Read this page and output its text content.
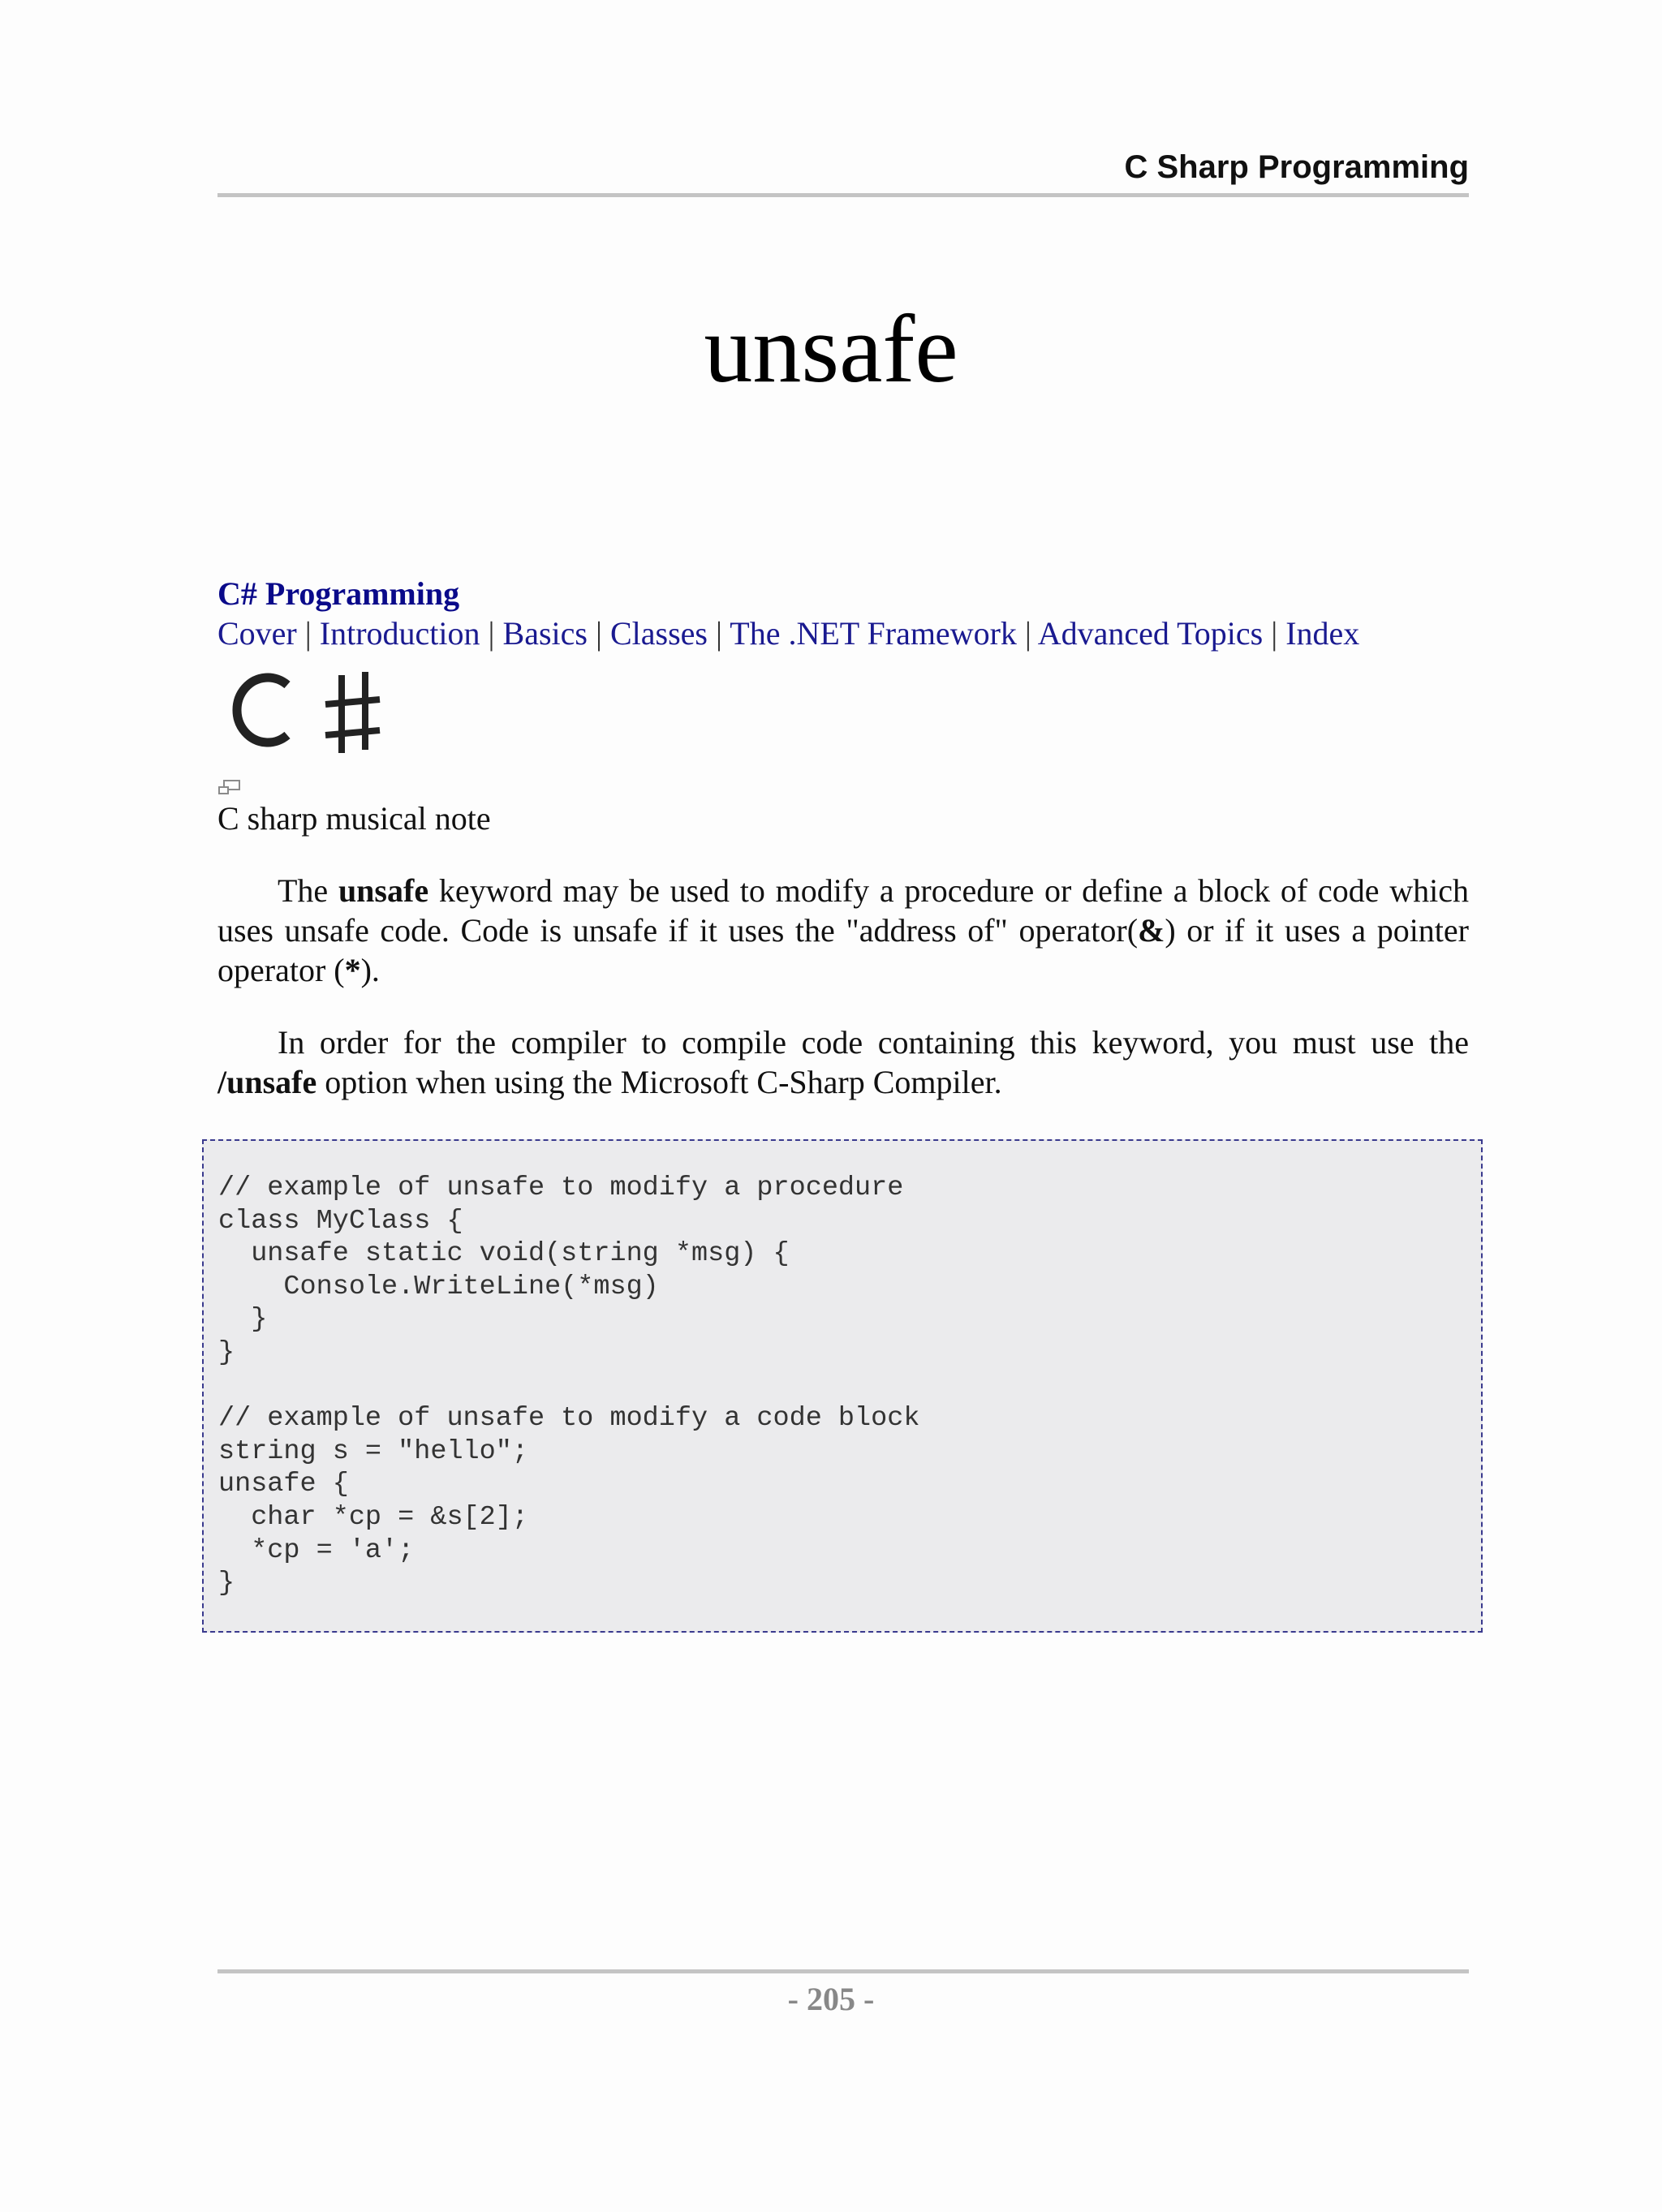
C Sharp Programming
unsafe
C# Programming
Cover | Introduction | Basics | Classes | The .NET Framework | Advanced Topics | Index
C sharp musical note

The unsafe keyword may be used to modify a procedure or define a block of code which uses unsafe code. Code is unsafe if it uses the "address of" operator(&) or if it uses a pointer operator (*).

In order for the compiler to compile code containing this keyword, you must use the /unsafe option when using the Microsoft C-Sharp Compiler.

// example of unsafe to modify a procedure
class MyClass {
unsafe static void(string *msg) {
Console.WriteLine(*msg)
}
}

// example of unsafe to modify a code block
string s = "hello";
unsafe {
char *cp = &s[2];
*cp = 'a';
}
- 205 -
